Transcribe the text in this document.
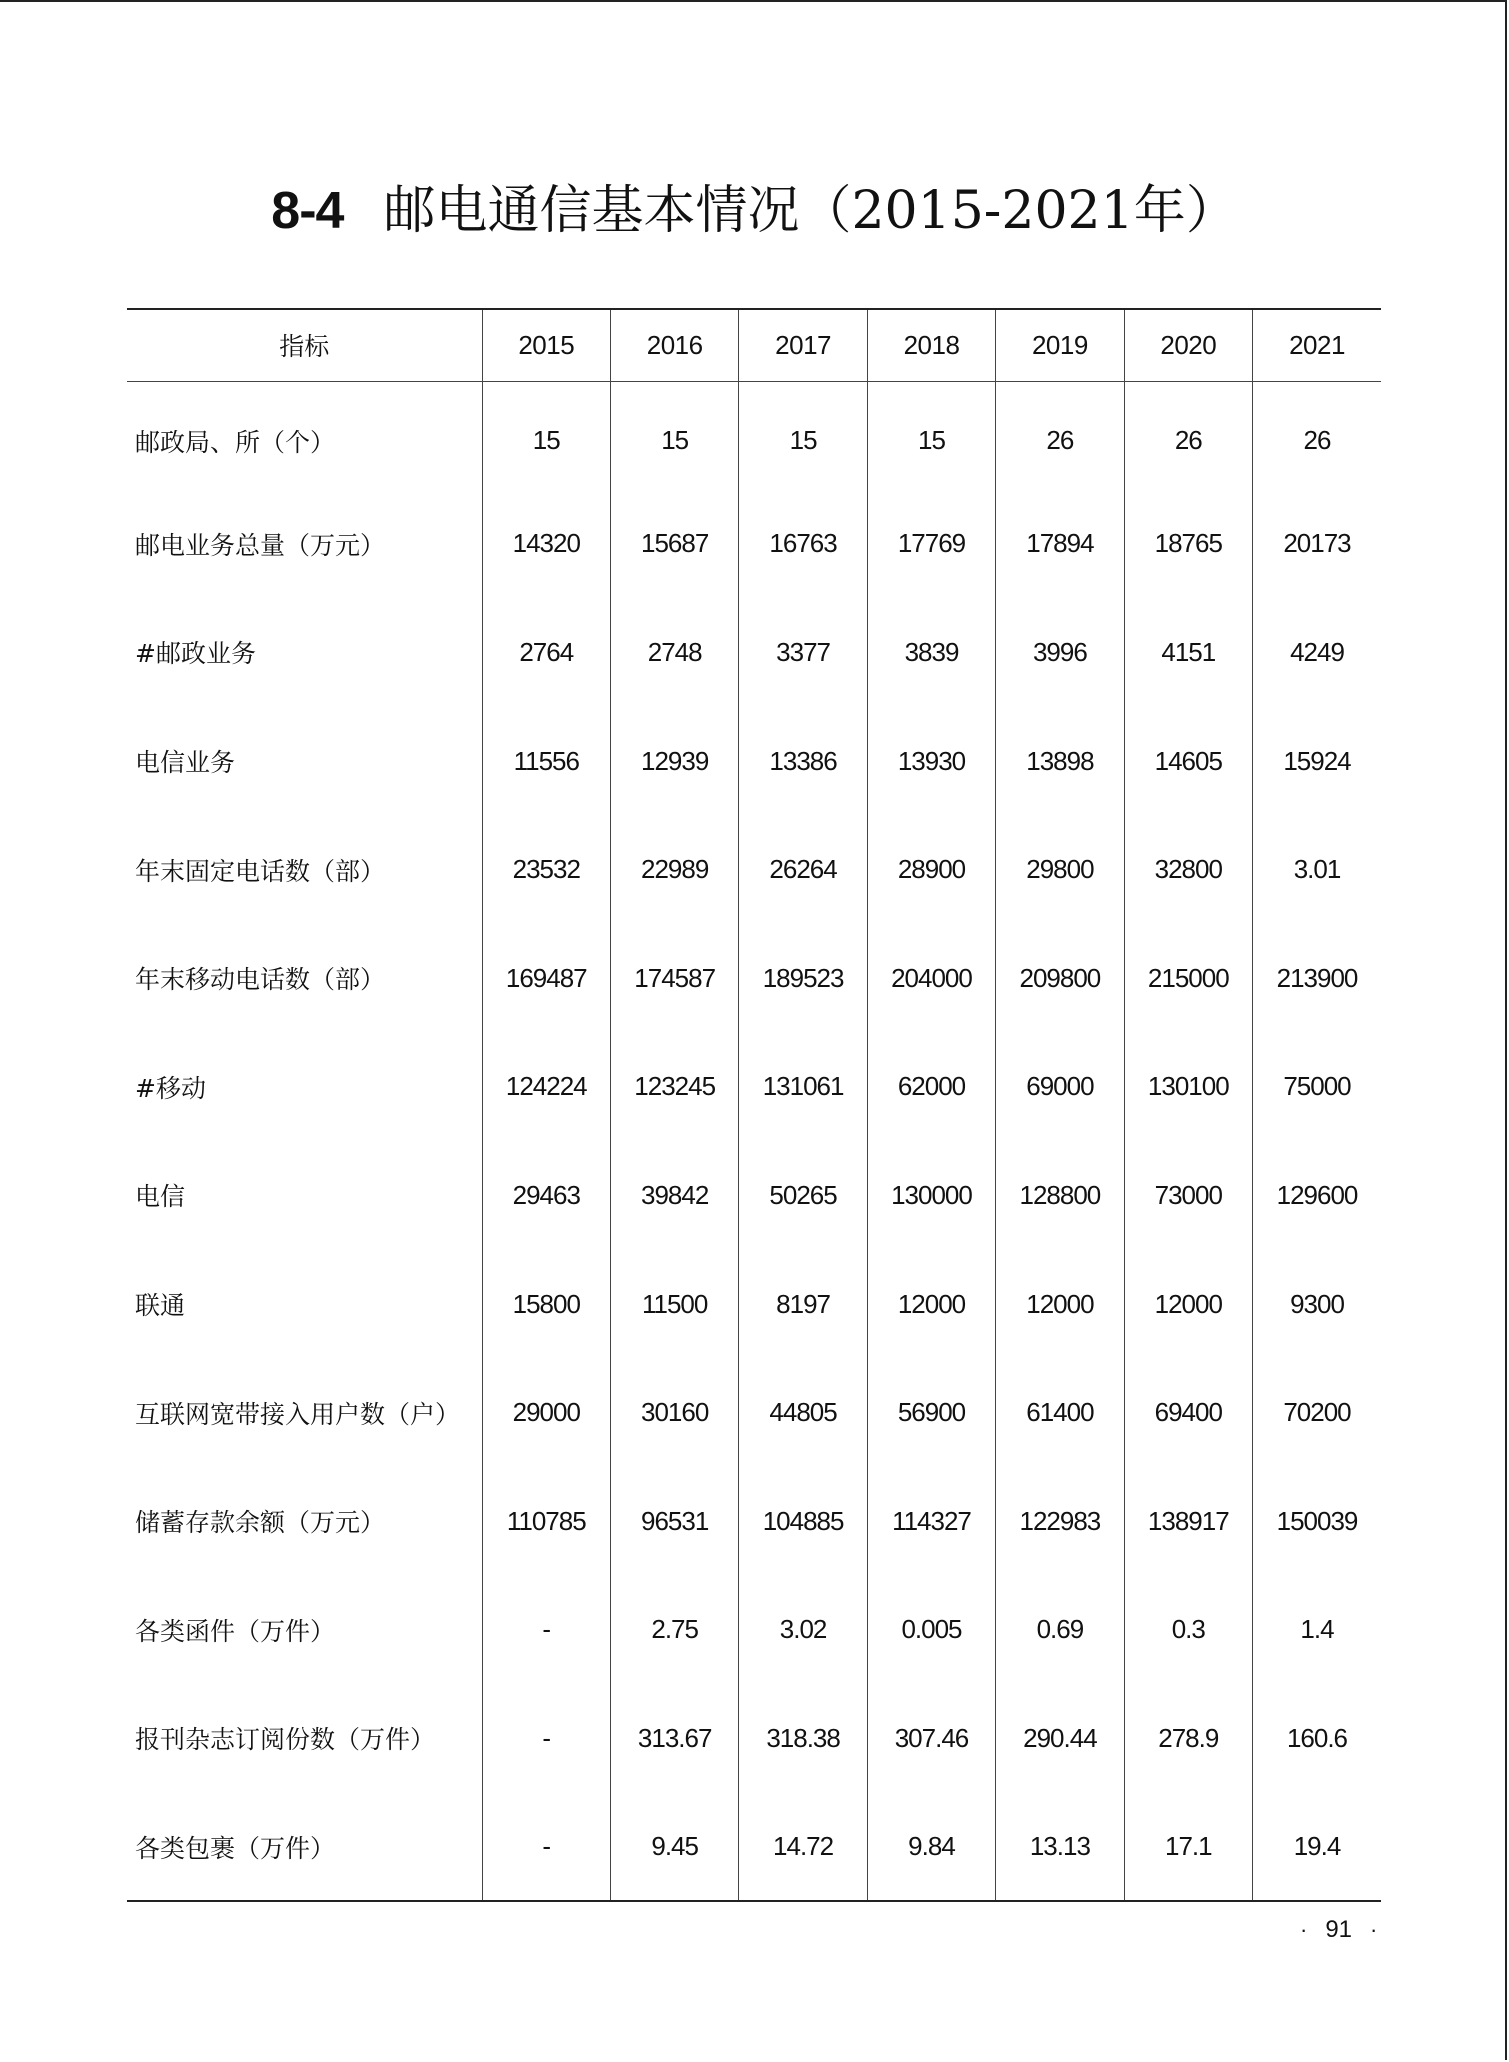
8-4 邮电通信基本情况（2015-2021年）
指标	2015	2016	2017	2018	2019	2020	2021
邮政局、所（个）	15	15	15	15	26	26	26
邮电业务总量（万元）	14320	15687	16763	17769	17894	18765	20173
#邮政业务	2764	2748	3377	3839	3996	4151	4249
电信业务	11556	12939	13386	13930	13898	14605	15924
年末固定电话数（部）	23532	22989	26264	28900	29800	32800	3.01
年末移动电话数（部）	169487	174587	189523	204000	209800	215000	213900
#移动	124224	123245	131061	62000	69000	130100	75000
电信	29463	39842	50265	130000	128800	73000	129600
联通	15800	11500	8197	12000	12000	12000	9300
互联网宽带接入用户数（户）	29000	30160	44805	56900	61400	69400	70200
储蓄存款余额（万元）	110785	96531	104885	114327	122983	138917	150039
各类函件（万件）	-	2.75	3.02	0.005	0.69	0.3	1.4
报刊杂志订阅份数（万件）	-	313.67	318.38	307.46	290.44	278.9	160.6
各类包裹（万件）	-	9.45	14.72	9.84	13.13	17.1	19.4
· 91 ·
